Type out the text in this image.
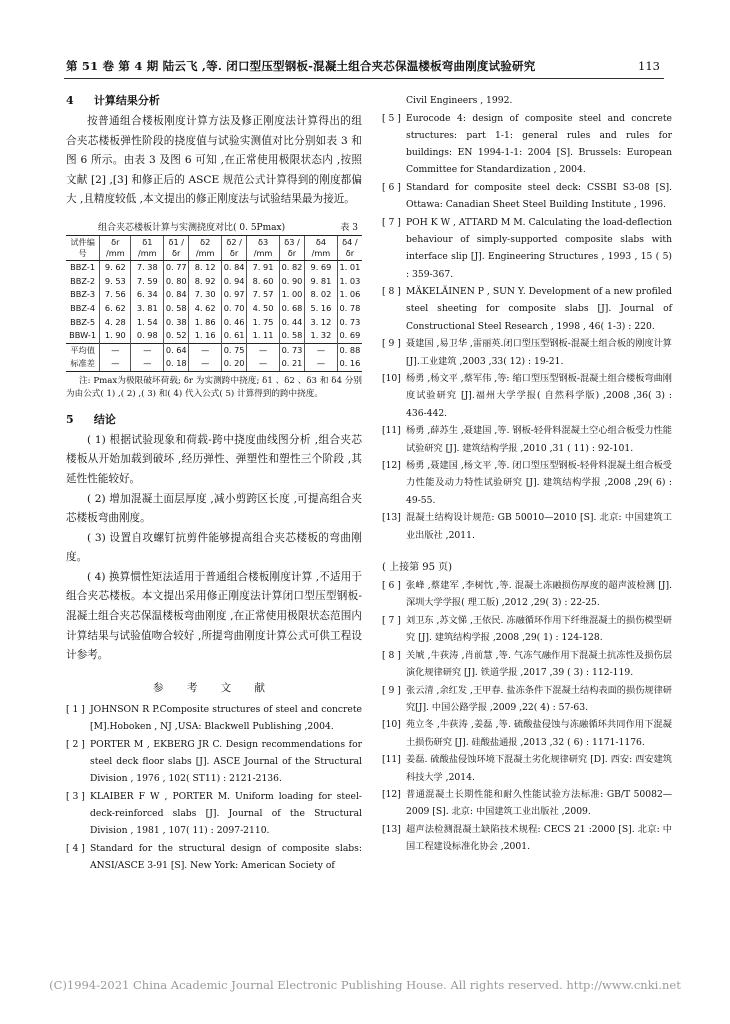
第 51 卷 第 4 期 陆云飞 ,等. 闭口型压型钢板-混凝土组合夹芯保温楼板弯曲刚度试验研究	113
4 计算结果分析

按普通组合楼板刚度计算方法及修正刚度法计算得出的组合夹芯楼板弹性阶段的挠度值与试验实测值对比分别如表 3 和图 6 所示。由表 3 及图 6 可知 ,在正常使用极限状态内 ,按照文献 [2] ,[3] 和修正后的 ASCE 规范公式计算得到的刚度都偏大 ,且精度较低 ,本文提出的修正刚度法与试验结果最为接近。

组合夹芯楼板计算与实测挠度对比( 0. 5Pmax)	表 3
试件编号	δr /mm	δ1 /mm	δ1 /δr	δ2 /mm	δ2 /δr	δ3 /mm	δ3 /δr	δ4 /mm	δ4 /δr
BBZ-1	9. 62	7. 38	0. 77	8. 12	0. 84	7. 91	0. 82	9. 69	1. 01
BBZ-2	9. 53	7. 59	0. 80	8. 92	0. 94	8. 60	0. 90	9. 81	1. 03
BBZ-3	7. 56	6. 34	0. 84	7. 30	0. 97	7. 57	1. 00	8. 02	1. 06
BBZ-4	6. 62	3. 81	0. 58	4. 62	0. 70	4. 50	0. 68	5. 16	0. 78
BBZ-5	4. 28	1. 54	0. 38	1. 86	0. 46	1. 75	0. 44	3. 12	0. 73
BBW-1	1. 90	0. 98	0. 52	1. 16	0. 61	1. 11	0. 58	1. 32	0. 69
平均值	—	—	0. 64	—	0. 75	—	0. 73	—	0. 88
标准差	—	—	0. 18	—	0. 20	—	0. 21	—	0. 16

注: Pmax为极限破坏荷载; δr 为实测跨中挠度; δ1 、δ2 、δ3 和 δ4 分别为由公式( 1) ,( 2) ,( 3) 和( 4) 代入公式( 5) 计算得到的跨中挠度。

5 结论

( 1) 根据试验现象和荷载-跨中挠度曲线图分析 ,组合夹芯楼板从开始加载到破坏 ,经历弹性、弹塑性和塑性三个阶段 ,其延性性能较好。

( 2) 增加混凝土面层厚度 ,减小剪跨区长度 ,可提高组合夹芯楼板弯曲刚度。

( 3) 设置自攻螺钉抗剪件能够提高组合夹芯楼板的弯曲刚度。

( 4) 换算惯性矩法适用于普通组合楼板刚度计算 ,不适用于组合夹芯楼板。本文提出采用修正刚度法计算闭口型压型钢板-混凝土组合夹芯保温楼板弯曲刚度 ,在正常使用极限状态范围内计算结果与试验值吻合较好 ,所提弯曲刚度计算公式可供工程设计参考。

参 考 文 献
[ 1 ] JOHNSON R P.Composite structures of steel and concrete [M].Hoboken , NJ ,USA: Blackwell Publishing ,2004.
[ 2 ] PORTER M , EKBERG JR C. Design recommendations for steel deck floor slabs [J]. ASCE Journal of the Structural Division , 1976 , 102( ST11) : 2121-2136.
[ 3 ] KLAIBER F W , PORTER M. Uniform loading for steel-deck-reinforced slabs [J]. Journal of the Structural Division , 1981 , 107( 11) : 2097-2110.
[ 4 ] Standard for the structural design of composite slabs: ANSI/ASCE 3-91 [S]. New York: American Society of
Civil Engineers , 1992.
[ 5 ] Eurocode 4: design of composite steel and concrete structures: part 1-1: general rules and rules for buildings: EN 1994-1-1: 2004 [S]. Brussels: European Committee for Standardization , 2004.
[ 6 ] Standard for composite steel deck: CSSBI S3-08 [S]. Ottawa: Canadian Sheet Steel Building Institute , 1996.
[ 7 ] POH K W , ATTARD M M. Calculating the load-deflection behaviour of simply-supported composite slabs with interface slip [J]. Engineering Structures , 1993 , 15 ( 5) : 359-367.
[ 8 ] MÄKELÄINEN P , SUN Y. Development of a new profiled steel sheeting for composite slabs [J]. Journal of Constructional Steel Research , 1998 , 46( 1-3) : 220.
[ 9 ] 聂建国 ,易卫华 ,雷丽英.闭口型压型钢板-混凝土组合板的刚度计算 [J].工业建筑 ,2003 ,33( 12) : 19-21.
[10] 杨勇 ,杨文平 ,蔡军伟 ,等: 缩口型压型钢板-混凝土组合楼板弯曲刚度试验研究 [J].福州大学学报( 自然科学版) ,2008 ,36( 3) : 436-442.
[11] 杨勇 ,薛苏生 ,聂建国 ,等. 钢板-轻骨料混凝土空心组合板受力性能试验研究 [J]. 建筑结构学报 ,2010 ,31 ( 11) : 92-101.
[12] 杨勇 ,聂建国 ,杨文平 ,等. 闭口型压型钢板-轻骨料混凝土组合板受力性能及动力特性试验研究 [J]. 建筑结构学报 ,2008 ,29( 6) : 49-55.
[13] 混凝土结构设计规范: GB 50010—2010 [S]. 北京: 中国建筑工业出版社 ,2011.
( 上接第 95 页)
[ 6 ] 张峰 ,蔡建军 ,李树忱 ,等. 混凝土冻融损伤厚度的超声波检测 [J]. 深圳大学学报( 理工版) ,2012 ,29( 3) : 22-25.
[ 7 ] 刘卫东 ,苏文悌 ,王依民. 冻融循环作用下纤维混凝土的损伤模型研究 [J]. 建筑结构学报 ,2008 ,29( 1) : 124-128.
[ 8 ] 关虓 ,牛荻涛 ,肖前慧 ,等. 气冻气融作用下混凝土抗冻性及损伤层演化规律研究 [J]. 铁道学报 ,2017 ,39 ( 3) : 112-119.
[ 9 ] 张云清 ,余红发 ,王甲春. 盐冻条件下混凝土结构表面的损伤规律研究[J]. 中国公路学报 ,2009 ,22( 4) : 57-63.
[10] 苑立冬 ,牛荻涛 ,姜磊 ,等. 硫酸盐侵蚀与冻融循环共同作用下混凝土损伤研究 [J]. 硅酸盐通报 ,2013 ,32 ( 6) : 1171-1176.
[11] 姜磊. 硫酸盐侵蚀环境下混凝土劣化规律研究 [D]. 西安: 西安建筑科技大学 ,2014.
[12] 普通混凝土长期性能和耐久性能试验方法标准: GB/T 50082—2009 [S]. 北京: 中国建筑工业出版社 ,2009.
[13] 超声法检测混凝土缺陷技术规程: CECS 21 :2000 [S]. 北京: 中国工程建设标准化协会 ,2001.
(C)1994-2021 China Academic Journal Electronic Publishing House. All rights reserved. http://www.cnki.net
